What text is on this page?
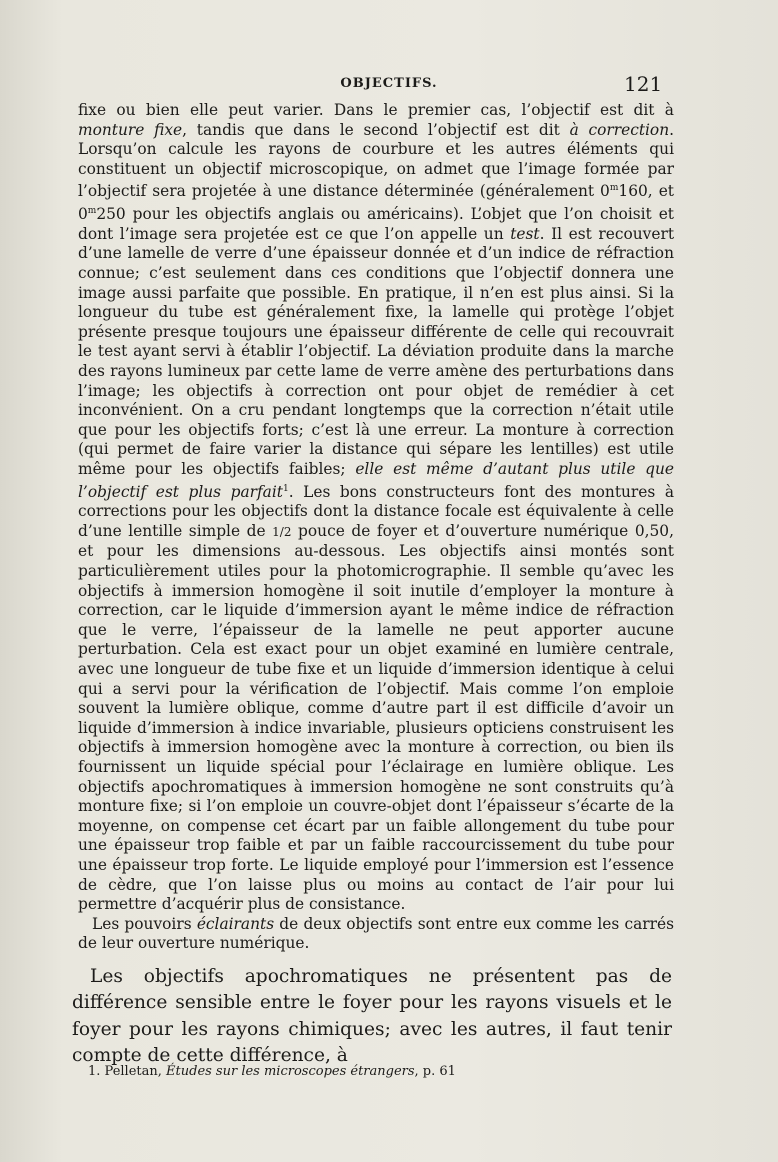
OBJECTIFS.	121

fixe ou bien elle peut varier. Dans le premier cas, l’objectif est dit à monture fixe, tandis que dans le second l’objectif est dit à correction. Lorsqu’on calcule les rayons de courbure et les autres éléments qui constituent un objectif microscopique, on admet que l’image formée par l’objectif sera projetée à une distance déterminée (généralement 0$^m$160, et 0$^m$250 pour les objectifs anglais ou américains). L’objet que l’on choisit et dont l’image sera projetée est ce que l’on appelle un test. Il est recouvert d’une lamelle de verre d’une épaisseur donnée et d’un indice de réfraction connue; c’est seulement dans ces conditions que l’objectif donnera une image aussi parfaite que possible. En pratique, il n’en est plus ainsi. Si la longueur du tube est généralement fixe, la lamelle qui protège l’objet présente presque toujours une épaisseur différente de celle qui recouvrait le test ayant servi à établir l’objectif. La déviation produite dans la marche des rayons lumineux par cette lame de verre amène des perturbations dans l’image; les objectifs à correction ont pour objet de remédier à cet inconvénient. On a cru pendant longtemps que la correction n’était utile que pour les objectifs forts; c’est là une erreur. La monture à correction (qui permet de faire varier la distance qui sépare les lentilles) est utile même pour les objectifs faibles; elle est même d’autant plus utile que l’objectif est plus parfait$^1$. Les bons constructeurs font des montures à corrections pour les objectifs dont la distance focale est équivalente à celle d’une lentille simple de 1/2 pouce de foyer et d’ouverture numérique 0,50, et pour les dimensions au-dessous. Les objectifs ainsi montés sont particulièrement utiles pour la photomicrographie. Il semble qu’avec les objectifs à immersion homogène il soit inutile d’employer la monture à correction, car le liquide d’immersion ayant le même indice de réfraction que le verre, l’épaisseur de la lamelle ne peut apporter aucune perturbation. Cela est exact pour un objet examiné en lumière centrale, avec une longueur de tube fixe et un liquide d’immersion identique à celui qui a servi pour la vérification de l’objectif. Mais comme l’on emploie souvent la lumière oblique, comme d’autre part il est difficile d’avoir un liquide d’immersion à indice invariable, plusieurs opticiens construisent les objectifs à immersion homogène avec la monture à correction, ou bien ils fournissent un liquide spécial pour l’éclairage en lumière oblique. Les objectifs apochromatiques à immersion homogène ne sont construits qu’à monture fixe; si l’on emploie un couvre-objet dont l’épaisseur s’écarte de la moyenne, on compense cet écart par un faible allongement du tube pour une épaisseur trop faible et par un faible raccourcissement du tube pour une épaisseur trop forte. Le liquide employé pour l’immersion est l’essence de cèdre, que l’on laisse plus ou moins au contact de l’air pour lui permettre d’acquérir plus de consistance.

Les pouvoirs éclairants de deux objectifs sont entre eux comme les carrés de leur ouverture numérique.

Les objectifs apochromatiques ne présentent pas de différence sensible entre le foyer pour les rayons visuels et le foyer pour les rayons chimiques; avec les autres, il faut tenir compte de cette différence, à

1. Pelletan, Études sur les microscopes étrangers, p. 61
